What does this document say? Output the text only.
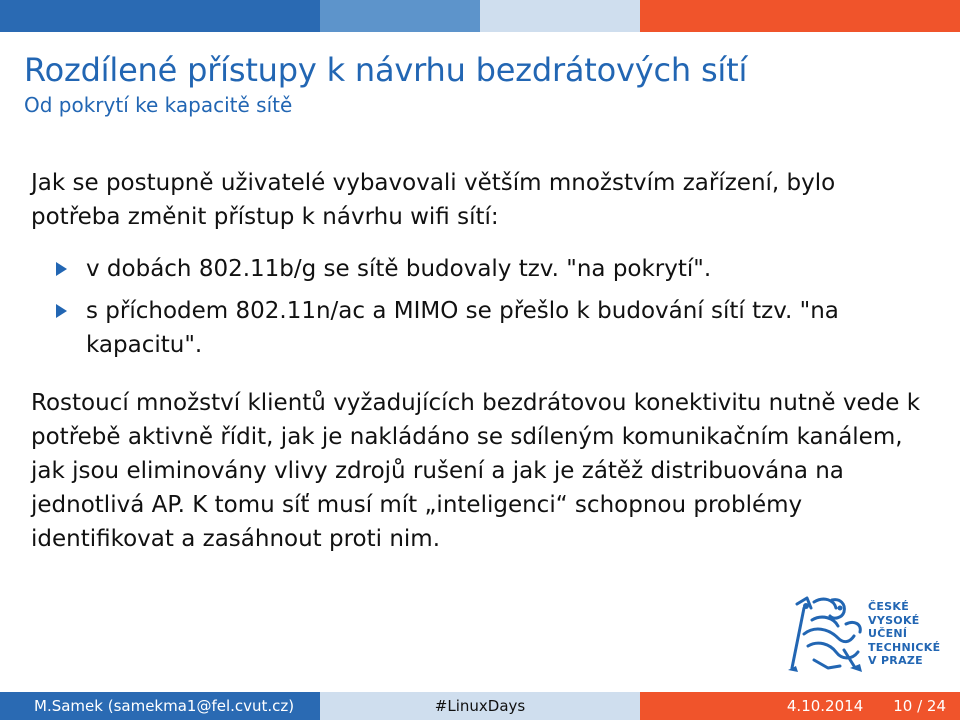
Rozdílené přístupy k návrhu bezdrátových sítí

Od pokrytí ke kapacitě sítě

Jak se postupně uživatelé vybavovali větším množstvím zařízení, bylo

potřeba změnit přístup k návrhu wifi sítí:

v dobách 802.11b/g se sítě budovaly tzv. "na pokrytí".
s příchodem 802.11n/ac a MIMO se přešlo k budování sítí tzv. "na kapacitu".

Rostoucí množství klientů vyžadujících bezdrátovou konektivitu nutně vede k potřebě aktivně řídit, jak je nakládáno se sdíleným komunikačním kanálem, jak jsou eliminovány vlivy zdrojů rušení a jak je zátěž distribuována na jednotlivá AP. K tomu síť musí mít „inteligenci“ schopnou problémy identifikovat a zasáhnout proti nim.

ČESKÉ
VYSOKÉ
UČENÍ
TECHNICKÉ
V PRAZE
M.Samek (samekma1@fel.cvut.cz)	#LinuxDays	4.10.2014 10 / 24
